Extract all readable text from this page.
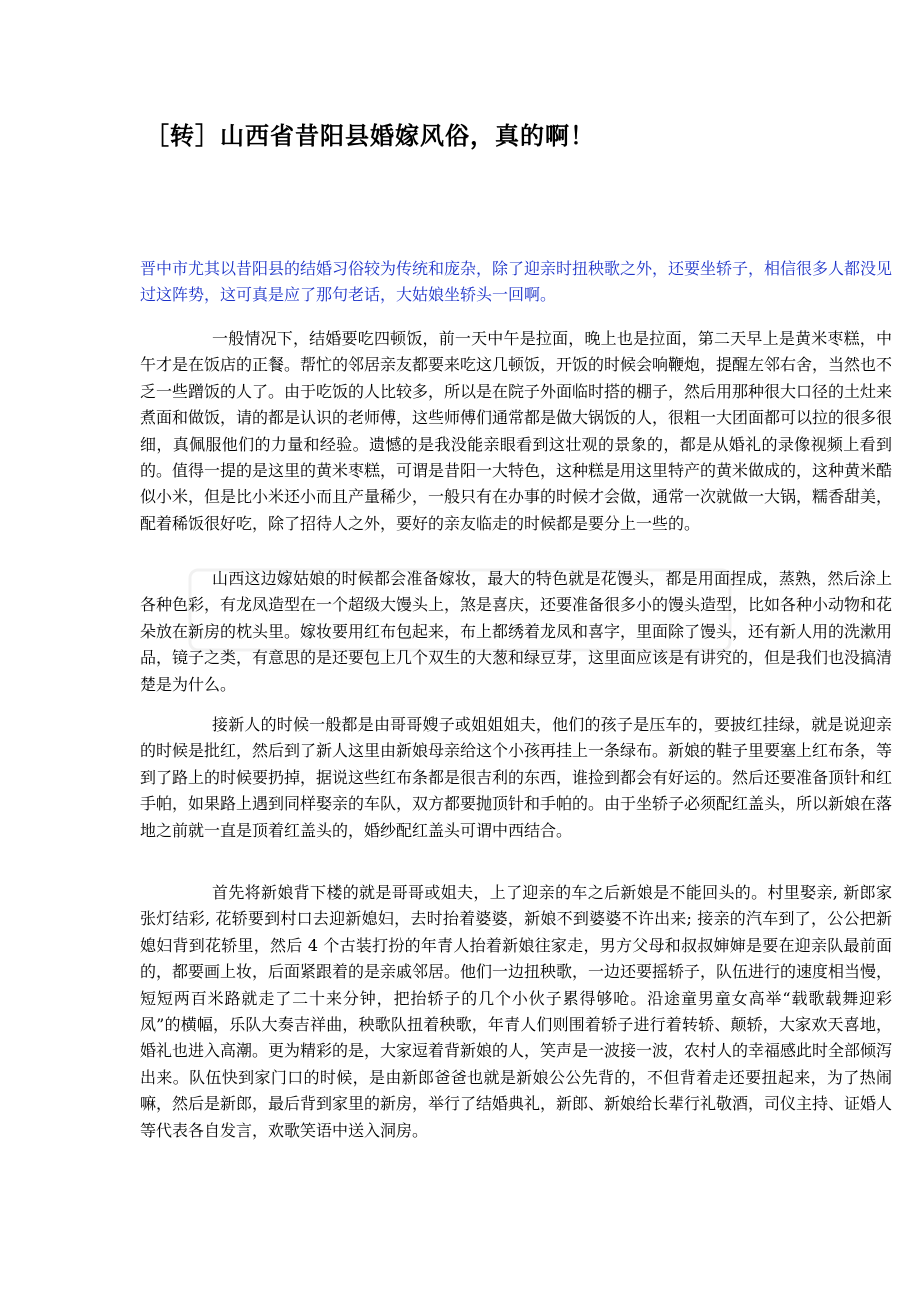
［转］山西省昔阳县婚嫁风俗，真的啊！

晋中市尤其以昔阳县的结婚习俗较为传统和庞杂，除了迎亲时扭秧歌之外，还要坐轿子，相信很多人都没见过这阵势，这可真是应了那句老话，大姑娘坐轿头一回啊。

一般情况下，结婚要吃四顿饭，前一天中午是拉面，晚上也是拉面，第二天早上是黄米枣糕，中午才是在饭店的正餐。帮忙的邻居亲友都要来吃这几顿饭，开饭的时候会响鞭炮，提醒左邻右舍，当然也不乏一些蹭饭的人了。由于吃饭的人比较多，所以是在院子外面临时搭的棚子，然后用那种很大口径的土灶来煮面和做饭，请的都是认识的老师傅，这些师傅们通常都是做大锅饭的人，很粗一大团面都可以拉的很多很细，真佩服他们的力量和经验。遗憾的是我没能亲眼看到这壮观的景象的，都是从婚礼的录像视频上看到的。值得一提的是这里的黄米枣糕，可谓是昔阳一大特色，这种糕是用这里特产的黄米做成的，这种黄米酷似小米，但是比小米还小而且产量稀少，一般只有在办事的时候才会做，通常一次就做一大锅，糯香甜美，配着稀饭很好吃，除了招待人之外，要好的亲友临走的时候都是要分上一些的。

山西这边嫁姑娘的时候都会准备嫁妆，最大的特色就是花馒头，都是用面捏成，蒸熟，然后涂上各种色彩，有龙凤造型在一个超级大馒头上，煞是喜庆，还要准备很多小的馒头造型，比如各种小动物和花朵放在新房的枕头里。嫁妆要用红布包起来，布上都绣着龙凤和喜字，里面除了馒头，还有新人用的洗漱用品，镜子之类，有意思的是还要包上几个双生的大葱和绿豆芽，这里面应该是有讲究的，但是我们也没搞清楚是为什么。

接新人的时候一般都是由哥哥嫂子或姐姐姐夫，他们的孩子是压车的，要披红挂绿，就是说迎亲的时候是批红，然后到了新人这里由新娘母亲给这个小孩再挂上一条绿布。新娘的鞋子里要塞上红布条，等到了路上的时候要扔掉，据说这些红布条都是很吉利的东西，谁捡到都会有好运的。然后还要准备顶针和红手帕，如果路上遇到同样娶亲的车队，双方都要抛顶针和手帕的。由于坐轿子必须配红盖头，所以新娘在落地之前就一直是顶着红盖头的，婚纱配红盖头可谓中西结合。

首先将新娘背下楼的就是哥哥或姐夫，上了迎亲的车之后新娘是不能回头的。村里娶亲, 新郎家张灯结彩, 花轿要到村口去迎新媳妇，去时抬着婆婆，新娘不到婆婆不许出来; 接亲的汽车到了，公公把新媳妇背到花轿里，然后 4 个古装打扮的年青人抬着新娘往家走，男方父母和叔叔婶婶是要在迎亲队最前面的，都要画上妆，后面紧跟着的是亲戚邻居。他们一边扭秧歌，一边还要摇轿子，队伍进行的速度相当慢，短短两百米路就走了二十来分钟，把抬轿子的几个小伙子累得够呛。沿途童男童女高举“载歌载舞迎彩凤”的横幅，乐队大奏吉祥曲，秧歌队扭着秧歌，年青人们则围着轿子进行着转轿、颠轿，大家欢天喜地，婚礼也进入高潮。更为精彩的是，大家逗着背新娘的人，笑声是一波接一波，农村人的幸福感此时全部倾泻出来。队伍快到家门口的时候，是由新郎爸爸也就是新娘公公先背的，不但背着走还要扭起来，为了热闹嘛，然后是新郎，最后背到家里的新房，举行了结婚典礼，新郎、新娘给长辈行礼敬酒，司仪主持、证婚人等代表各自发言，欢歌笑语中送入洞房。
